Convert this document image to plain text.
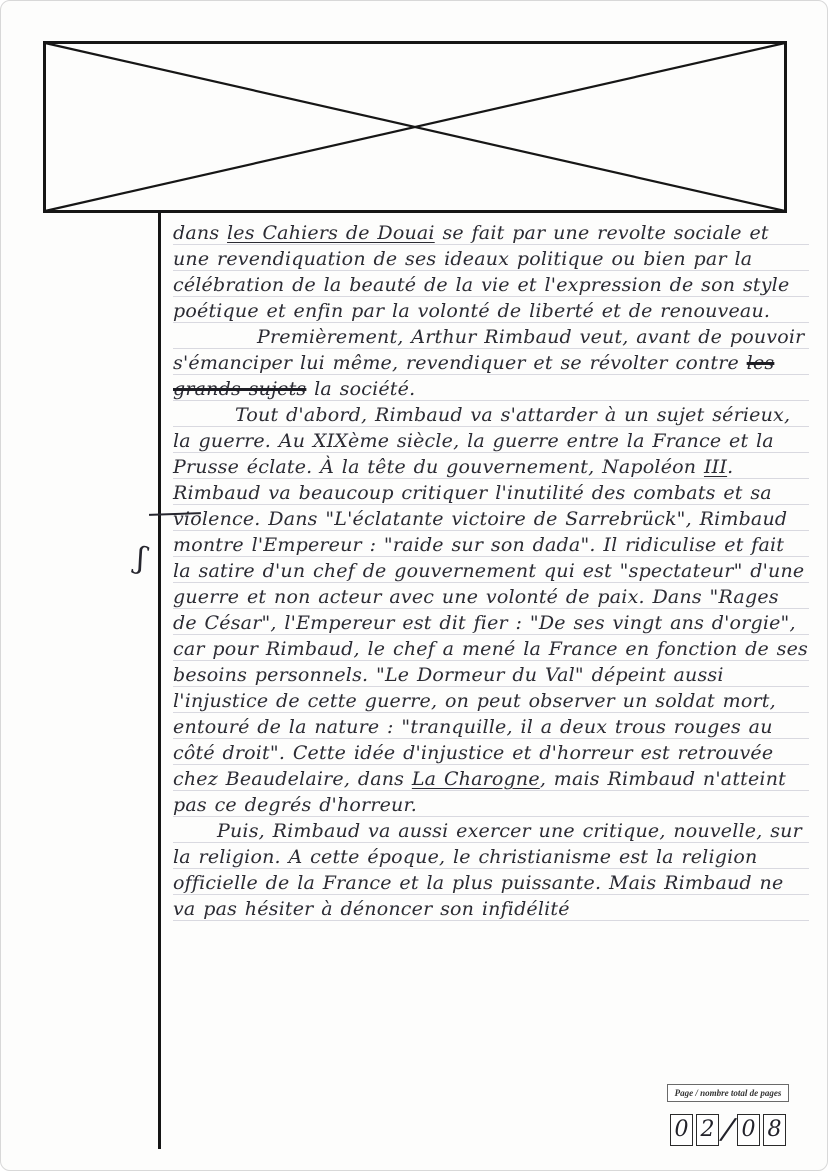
ʃ

dans les Cahiers de Douai se fait par une revolte sociale et une revendiquation de ses ideaux politique ou bien par la célébration de la beauté de la vie et l'expression de son style poétique et enfin par la volonté de liberté et de renouveau.

Premièrement, Arthur Rimbaud veut, avant de pouvoir s'émanciper lui même, revendiquer et se révolter contre les grands sujets la société.

Tout d'abord, Rimbaud va s'attarder à un sujet sérieux, la guerre. Au XIXème siècle, la guerre entre la France et la Prusse éclate. À la tête du gouvernement, Napoléon III. Rimbaud va beaucoup critiquer l'inutilité des combats et sa violence. Dans "L'éclatante victoire de Sarrebrück", Rimbaud montre l'Empereur : "raide sur son dada". Il ridiculise et fait la satire d'un chef de gouvernement qui est "spectateur" d'une guerre et non acteur avec une volonté de paix. Dans "Rages de César", l'Empereur est dit fier : "De ses vingt ans d'orgie", car pour Rimbaud, le chef a mené la France en fonction de ses besoins personnels. "Le Dormeur du Val" dépeint aussi l'injustice de cette guerre, on peut observer un soldat mort, entouré de la nature : "tranquille, il a deux trous rouges au côté droit". Cette idée d'injustice et d'horreur est retrouvée chez Beaudelaire, dans La Charogne, mais Rimbaud n'atteint pas ce degrés d'horreur.

Puis, Rimbaud va aussi exercer une critique, nouvelle, sur la religion. A cette époque, le christianisme est la religion officielle de la France et la plus puissante. Mais Rimbaud ne va pas hésiter à dénoncer son infidélité

Page / nombre total de pages
0 2 / 0 8
